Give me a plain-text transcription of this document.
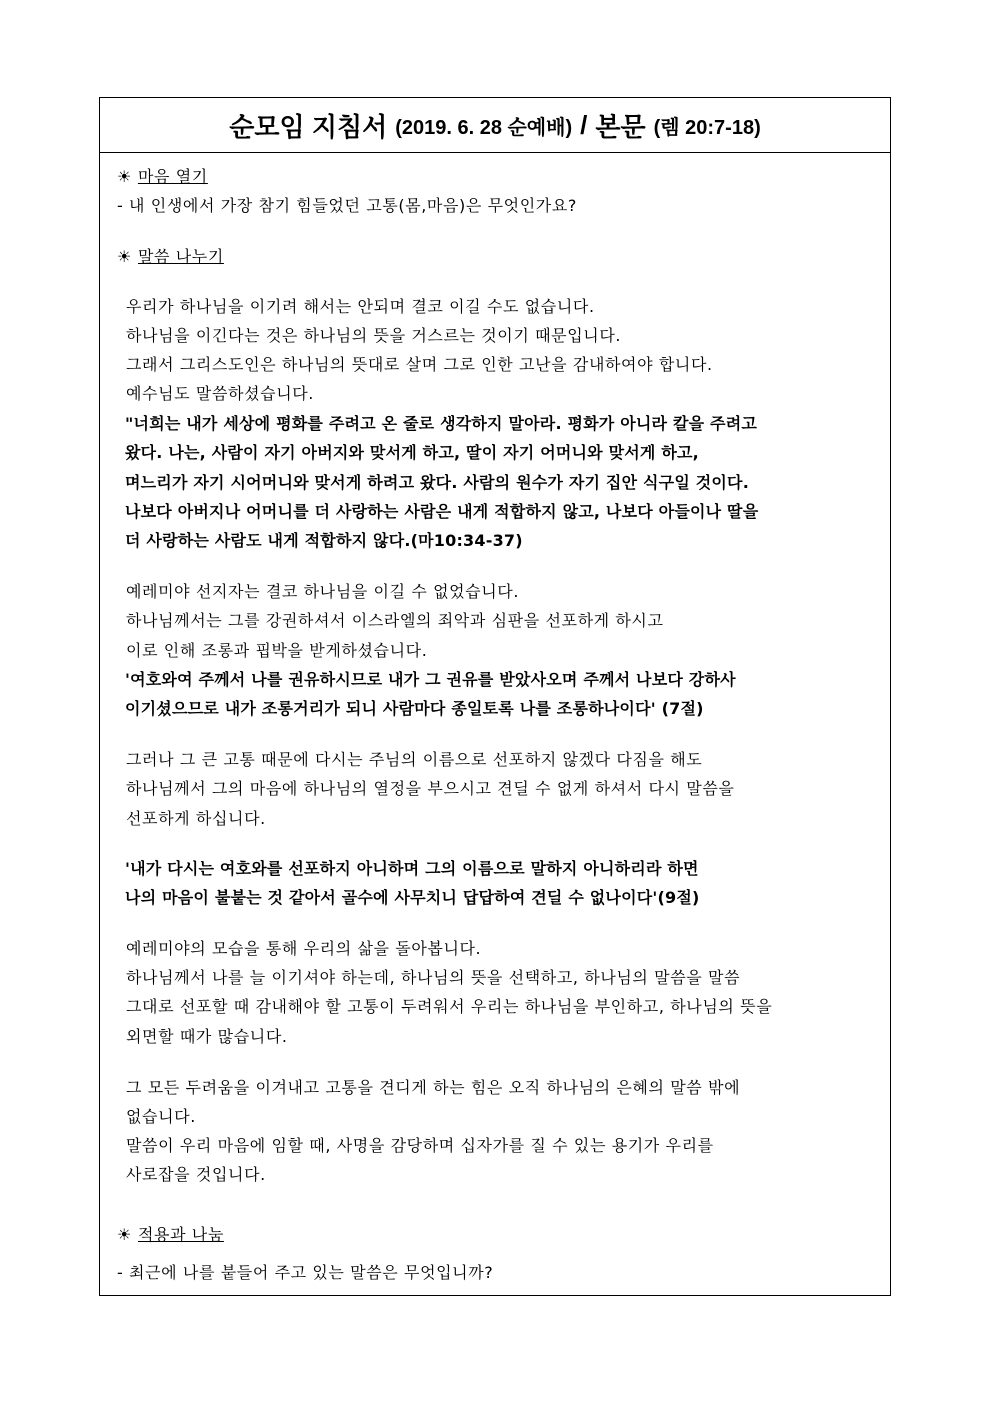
순모임 지침서 (2019. 6. 28 순예배) / 본문 (렘 20:7-18)
☀ 마음 열기
- 내 인생에서 가장 참기 힘들었던 고통(몸,마음)은 무엇인가요?
☀ 말씀 나누기
우리가 하나님을 이기려 해서는 안되며 결코 이길 수도 없습니다.
하나님을 이긴다는 것은 하나님의 뜻을 거스르는 것이기 때문입니다.
그래서 그리스도인은 하나님의 뜻대로 살며 그로 인한 고난을 감내하여야 합니다.
예수님도 말씀하셨습니다.
"너희는 내가 세상에 평화를 주려고 온 줄로 생각하지 말아라. 평화가 아니라 칼을 주려고
왔다. 나는, 사람이 자기 아버지와 맞서게 하고, 딸이 자기 어머니와 맞서게 하고,
며느리가 자기 시어머니와 맞서게 하려고 왔다. 사람의 원수가 자기 집안 식구일 것이다.
나보다 아버지나 어머니를 더 사랑하는 사람은 내게 적합하지 않고, 나보다 아들이나 딸을
더 사랑하는 사람도 내게 적합하지 않다.(마10:34-37)
예레미야 선지자는 결코 하나님을 이길 수 없었습니다.
하나님께서는 그를 강권하셔서 이스라엘의 죄악과 심판을 선포하게 하시고
이로 인해 조롱과 핍박을 받게하셨습니다.
'여호와여 주께서 나를 권유하시므로 내가 그 권유를 받았사오며 주께서 나보다 강하사
이기셨으므로 내가 조롱거리가 되니 사람마다 종일토록 나를 조롱하나이다' (7절)
그러나 그 큰 고통 때문에 다시는 주님의 이름으로 선포하지 않겠다 다짐을 해도
하나님께서 그의 마음에 하나님의 열정을 부으시고 견딜 수 없게 하셔서 다시 말씀을
선포하게 하십니다.
'내가 다시는 여호와를 선포하지 아니하며 그의 이름으로 말하지 아니하리라 하면
나의 마음이 불붙는 것 같아서 골수에 사무치니 답답하여 견딜 수 없나이다'(9절)
예레미야의 모습을 통해 우리의 삶을 돌아봅니다.
하나님께서 나를 늘 이기셔야 하는데, 하나님의 뜻을 선택하고, 하나님의 말씀을 말씀
그대로 선포할 때 감내해야 할 고통이 두려워서 우리는 하나님을 부인하고, 하나님의 뜻을
외면할 때가 많습니다.
그 모든 두려움을 이겨내고 고통을 견디게 하는 힘은 오직 하나님의 은혜의 말씀 밖에
없습니다.
말씀이 우리 마음에 임할 때, 사명을 감당하며 십자가를 질 수 있는 용기가 우리를
사로잡을 것입니다.
☀ 적용과 나눔
- 최근에 나를 붙들어 주고 있는 말씀은 무엇입니까?
